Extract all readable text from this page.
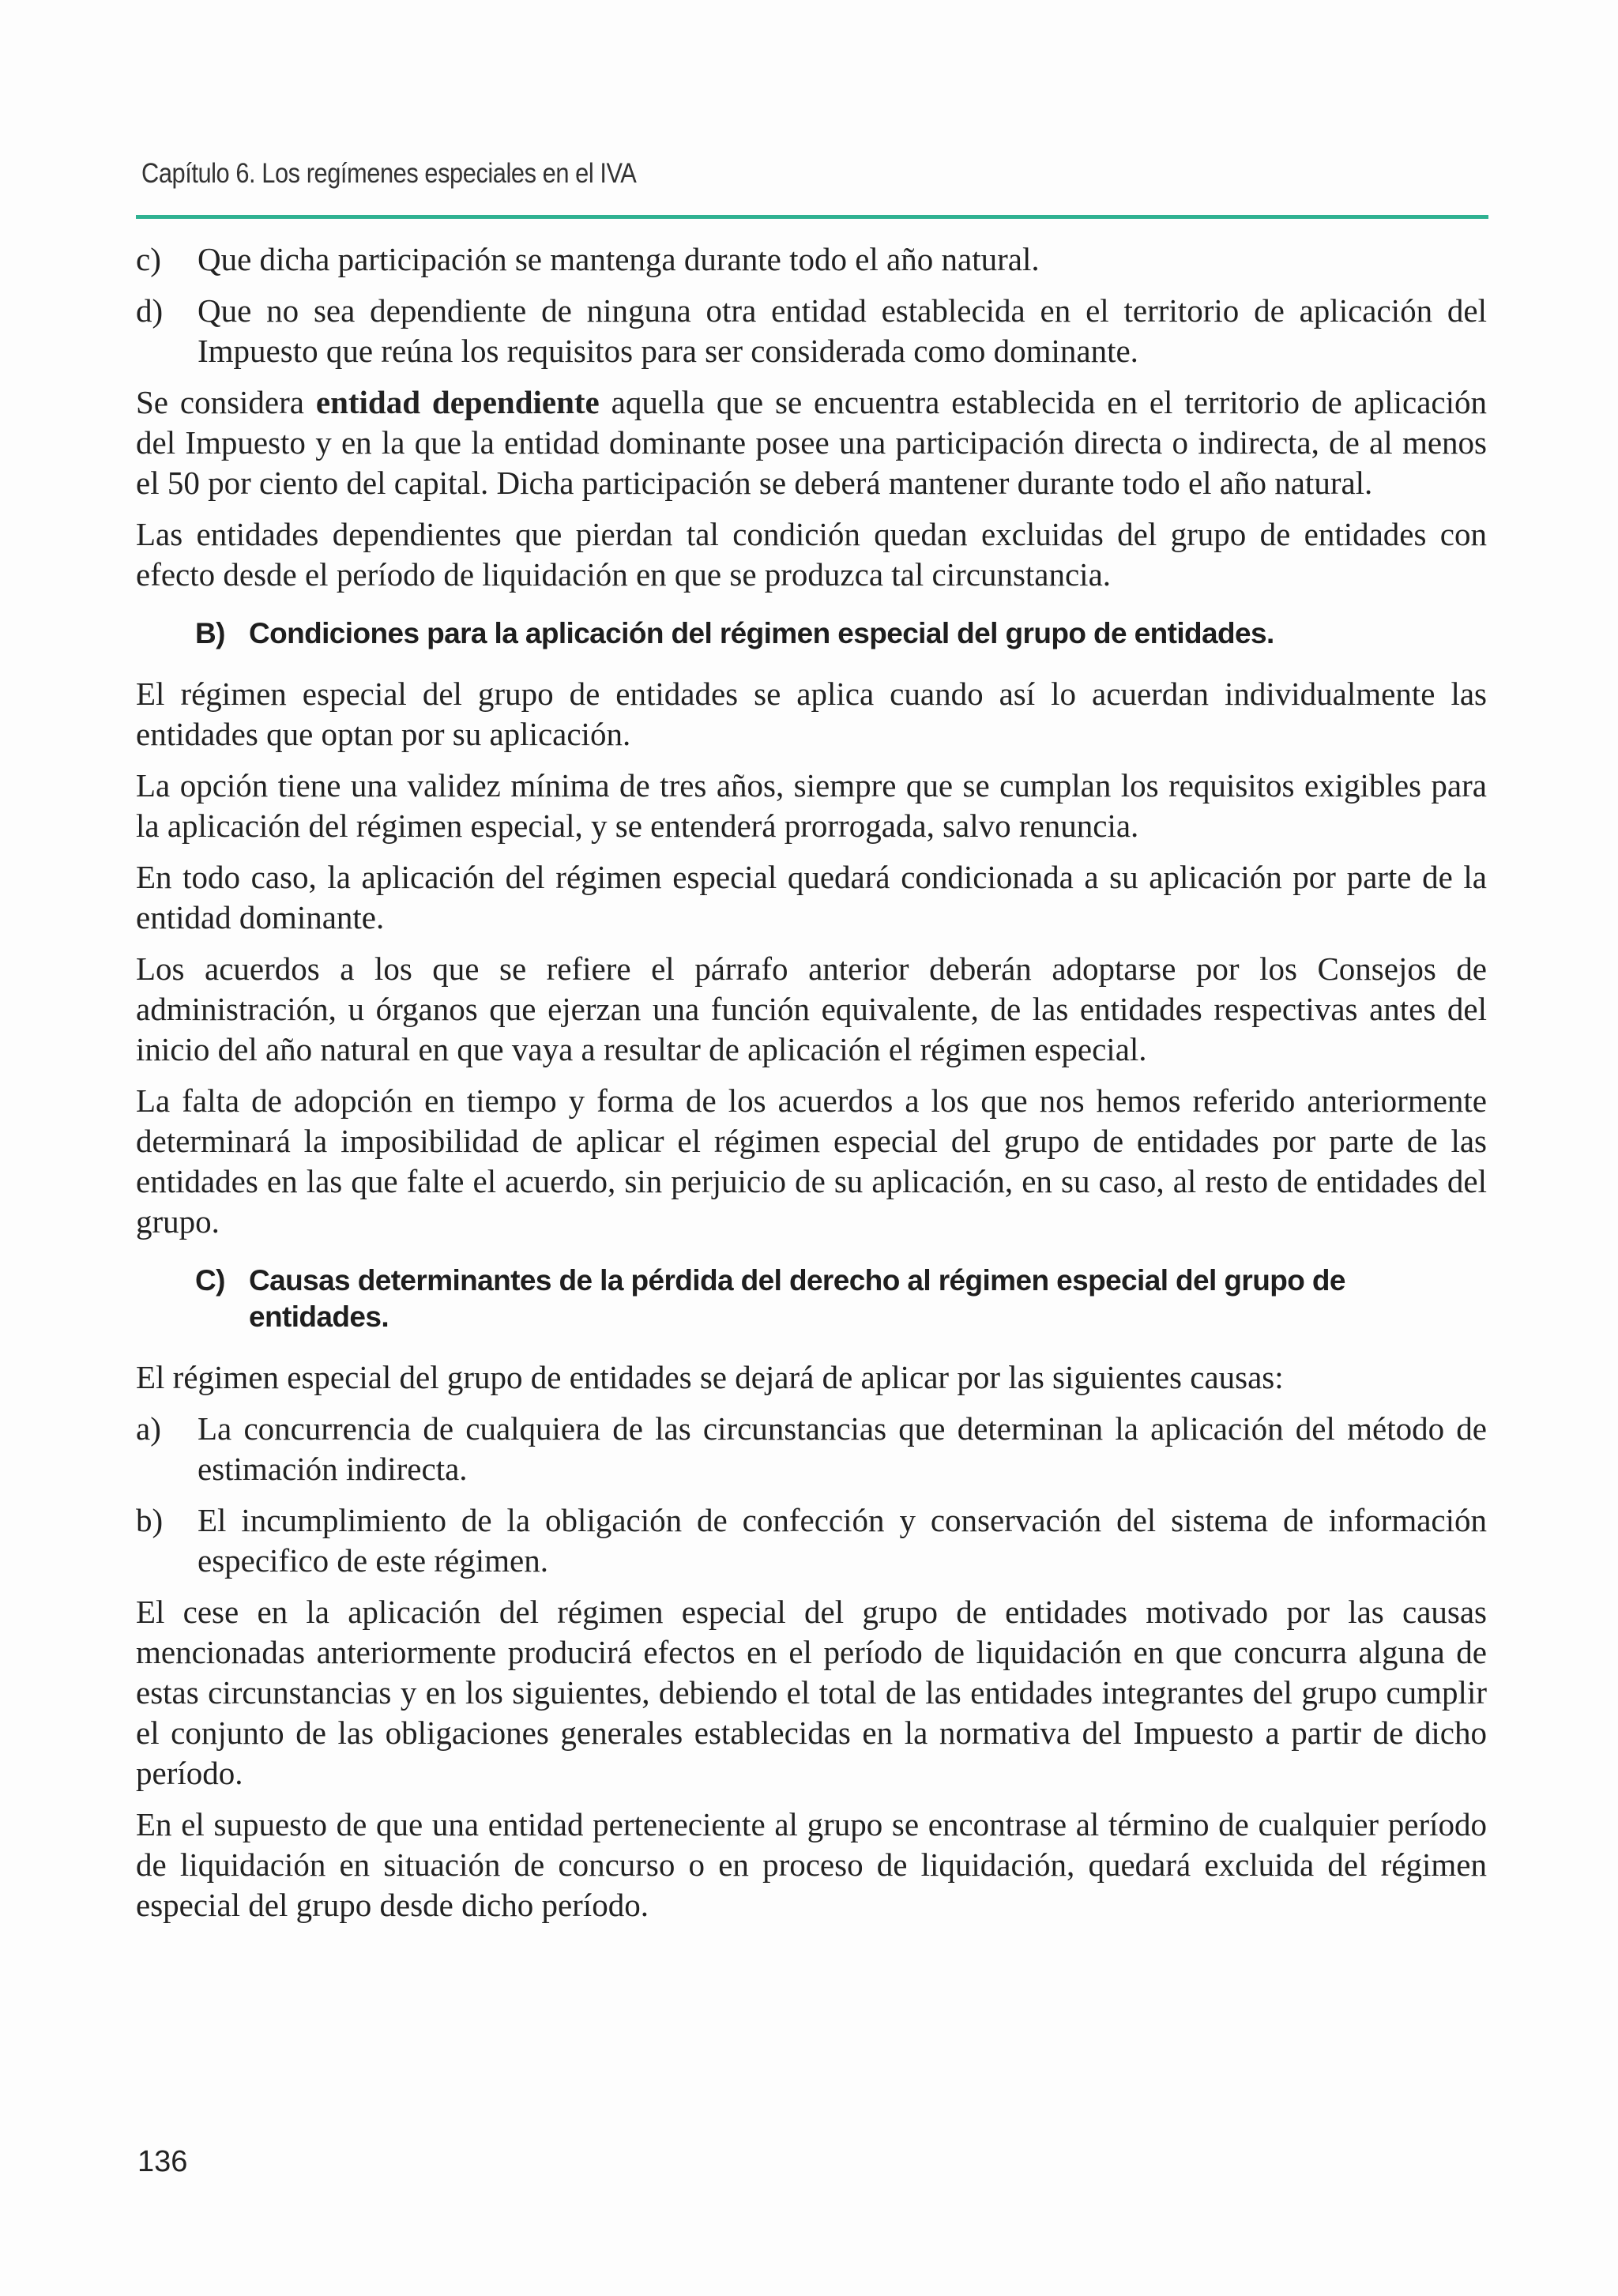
Capítulo 6. Los regímenes especiales en el IVA
c)	Que dicha participación se mantenga durante todo el año natural.
d)	Que no sea dependiente de ninguna otra entidad establecida en el territorio de aplicación del Impuesto que reúna los requisitos para ser considerada como dominante.

Se considera entidad dependiente aquella que se encuentra establecida en el territorio de aplicación del Impuesto y en la que la entidad dominante posee una participación directa o indirecta, de al menos el 50 por ciento del capital. Dicha participación se deberá mantener durante todo el año natural.

Las entidades dependientes que pierdan tal condición quedan excluidas del grupo de entidades con efecto desde el período de liquidación en que se produzca tal circunstancia.

B) Condiciones para la aplicación del régimen especial del grupo de entidades.

El régimen especial del grupo de entidades se aplica cuando así lo acuerdan individualmente las entidades que optan por su aplicación.

La opción tiene una validez mínima de tres años, siempre que se cumplan los requisitos exigibles para la aplicación del régimen especial, y se entenderá prorrogada, salvo renuncia.

En todo caso, la aplicación del régimen especial quedará condicionada a su aplicación por parte de la entidad dominante.

Los acuerdos a los que se refiere el párrafo anterior deberán adoptarse por los Consejos de administración, u órganos que ejerzan una función equivalente, de las entidades respectivas antes del inicio del año natural en que vaya a resultar de aplicación el régimen especial.

La falta de adopción en tiempo y forma de los acuerdos a los que nos hemos referido anteriormente determinará la imposibilidad de aplicar el régimen especial del grupo de entidades por parte de las entidades en las que falte el acuerdo, sin perjuicio de su aplicación, en su caso, al resto de entidades del grupo.

C) Causas determinantes de la pérdida del derecho al régimen especial del grupo de entidades.

El régimen especial del grupo de entidades se dejará de aplicar por las siguientes causas:

a)	La concurrencia de cualquiera de las circunstancias que determinan la aplicación del método de estimación indirecta.
b)	El incumplimiento de la obligación de confección y conservación del sistema de información especifico de este régimen.

El cese en la aplicación del régimen especial del grupo de entidades motivado por las causas mencionadas anteriormente producirá efectos en el período de liquidación en que concurra alguna de estas circunstancias y en los siguientes, debiendo el total de las entidades integrantes del grupo cumplir el conjunto de las obligaciones generales establecidas en la normativa del Impuesto a partir de dicho período.

En el supuesto de que una entidad perteneciente al grupo se encontrase al término de cualquier período de liquidación en situación de concurso o en proceso de liquidación, quedará excluida del régimen especial del grupo desde dicho período.

136
